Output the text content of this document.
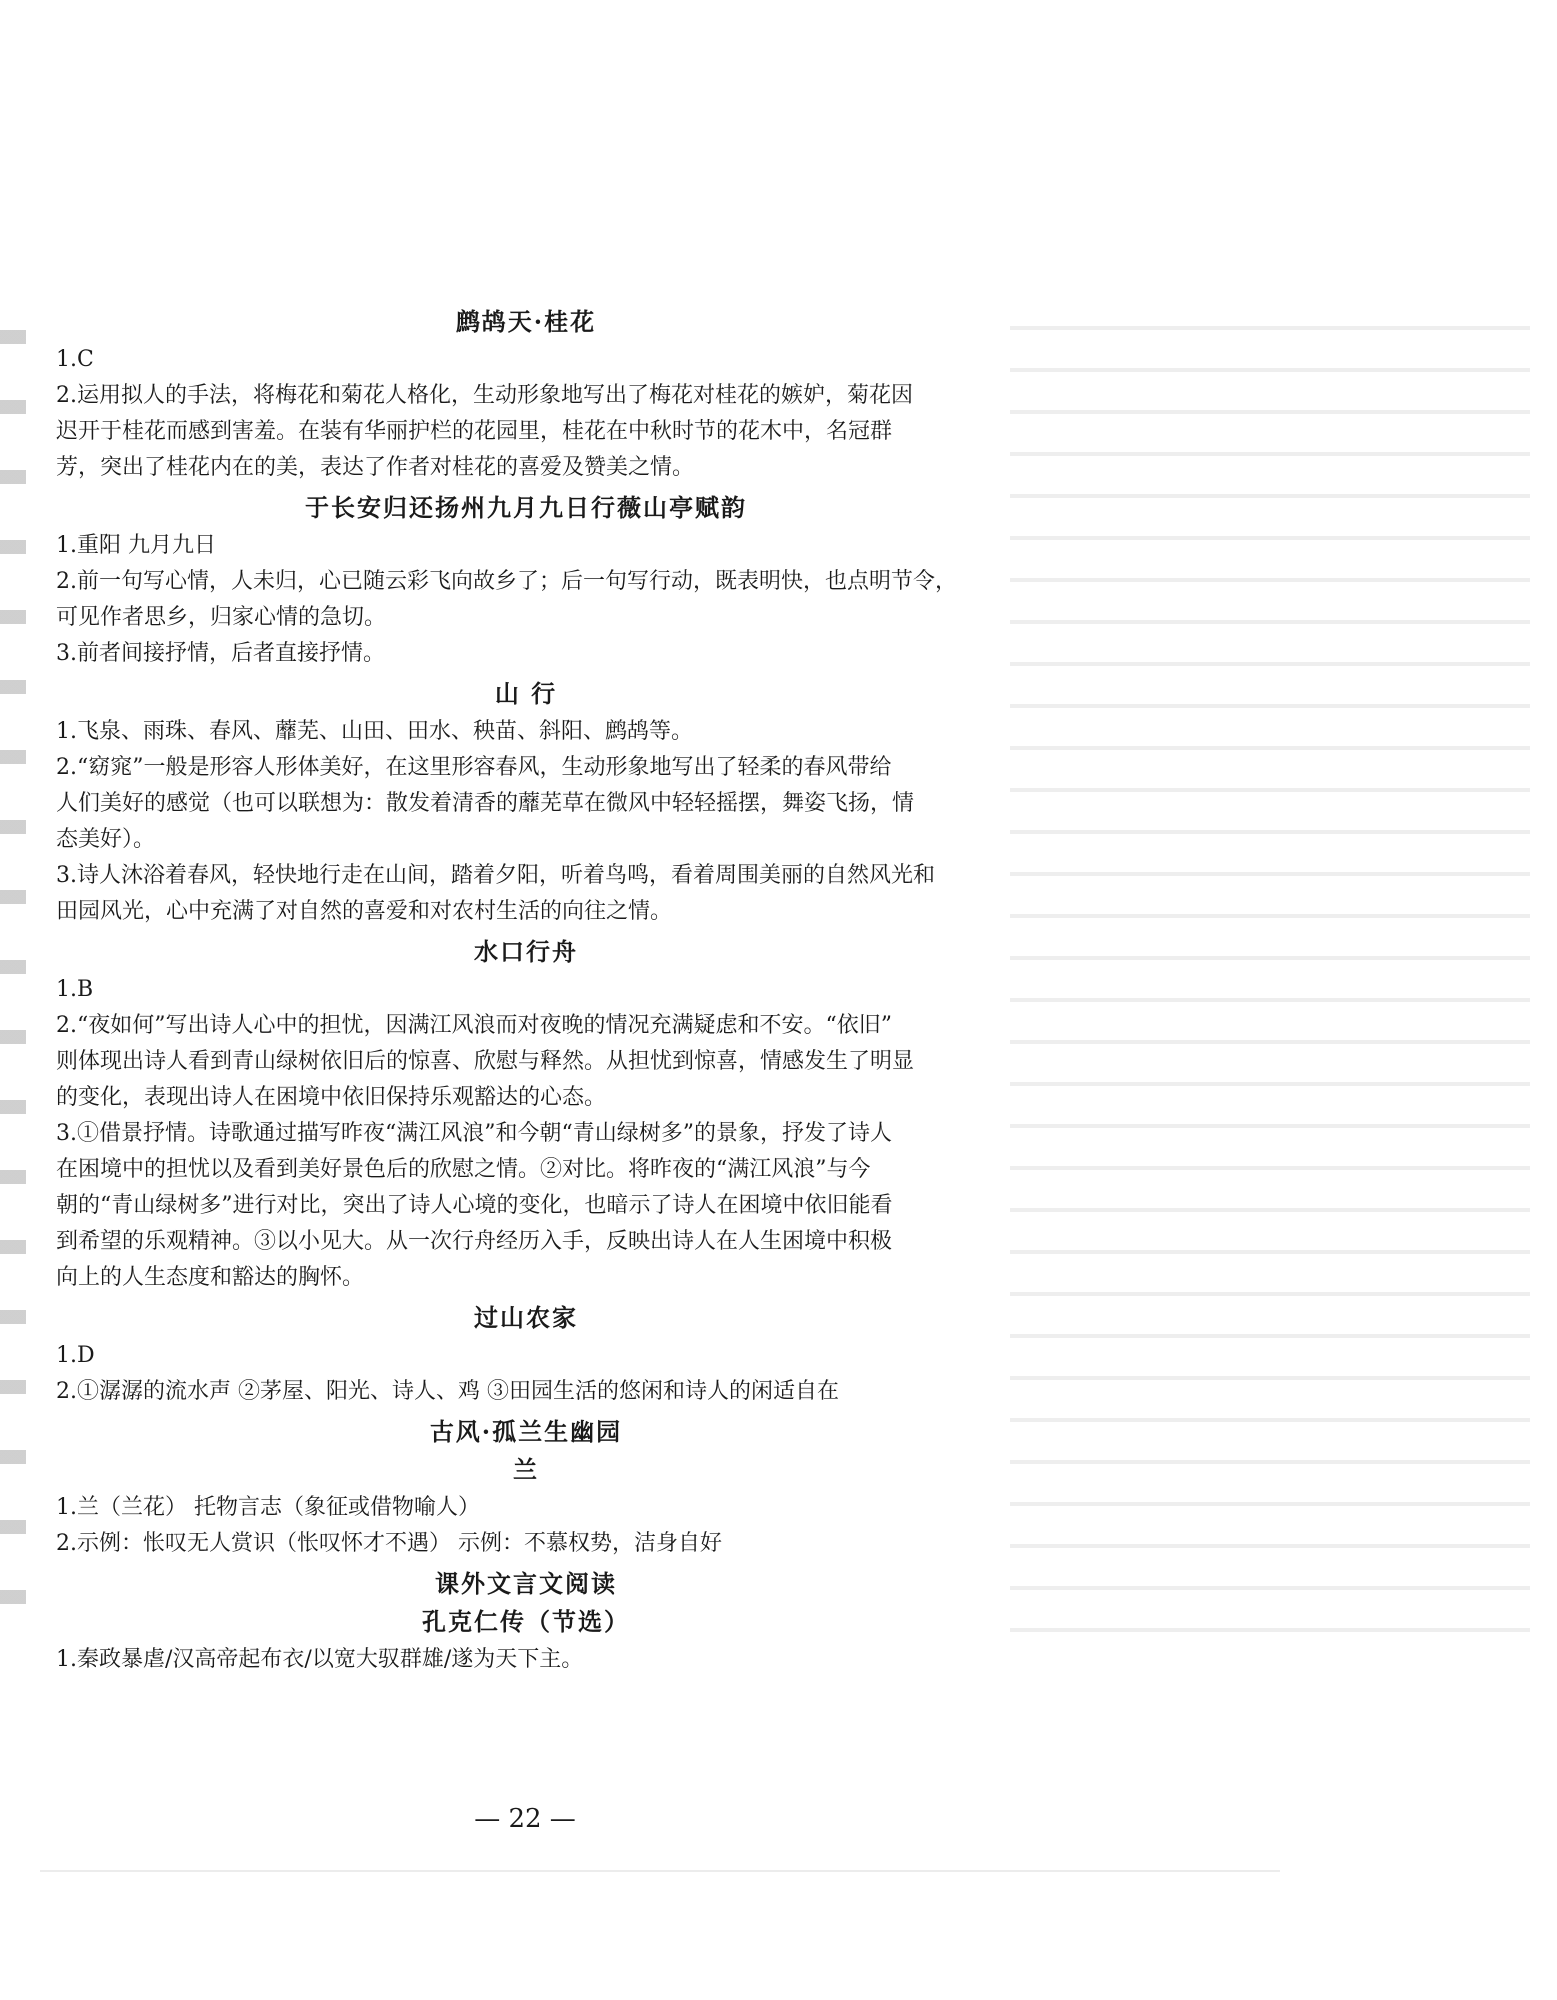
鹧鸪天·桂花

1.C

2.运用拟人的手法，将梅花和菊花人格化，生动形象地写出了梅花对桂花的嫉妒，菊花因

迟开于桂花而感到害羞。在装有华丽护栏的花园里，桂花在中秋时节的花木中，名冠群

芳，突出了桂花内在的美，表达了作者对桂花的喜爱及赞美之情。

于长安归还扬州九月九日行薇山亭赋韵

1.重阳 九月九日

2.前一句写心情，人未归，心已随云彩飞向故乡了；后一句写行动，既表明快，也点明节令，

可见作者思乡，归家心情的急切。

3.前者间接抒情，后者直接抒情。

山 行

1.飞泉、雨珠、春风、蘼芜、山田、田水、秧苗、斜阳、鹧鸪等。

2.“窈窕”一般是形容人形体美好，在这里形容春风，生动形象地写出了轻柔的春风带给

人们美好的感觉（也可以联想为：散发着清香的蘼芜草在微风中轻轻摇摆，舞姿飞扬，情

态美好）。

3.诗人沐浴着春风，轻快地行走在山间，踏着夕阳，听着鸟鸣，看着周围美丽的自然风光和

田园风光，心中充满了对自然的喜爱和对农村生活的向往之情。

水口行舟

1.B

2.“夜如何”写出诗人心中的担忧，因满江风浪而对夜晚的情况充满疑虑和不安。“依旧”

则体现出诗人看到青山绿树依旧后的惊喜、欣慰与释然。从担忧到惊喜，情感发生了明显

的变化，表现出诗人在困境中依旧保持乐观豁达的心态。

3.①借景抒情。诗歌通过描写昨夜“满江风浪”和今朝“青山绿树多”的景象，抒发了诗人

在困境中的担忧以及看到美好景色后的欣慰之情。②对比。将昨夜的“满江风浪”与今

朝的“青山绿树多”进行对比，突出了诗人心境的变化，也暗示了诗人在困境中依旧能看

到希望的乐观精神。③以小见大。从一次行舟经历入手，反映出诗人在人生困境中积极

向上的人生态度和豁达的胸怀。

过山农家

1.D

2.①潺潺的流水声 ②茅屋、阳光、诗人、鸡 ③田园生活的悠闲和诗人的闲适自在

古风·孤兰生幽园
兰

1.兰（兰花） 托物言志（象征或借物喻人）

2.示例：怅叹无人赏识（怅叹怀才不遇） 示例：不慕权势，洁身自好

课外文言文阅读
孔克仁传（节选）

1.秦政暴虐/汉高帝起布衣/以宽大驭群雄/遂为天下主。

— 22 —
